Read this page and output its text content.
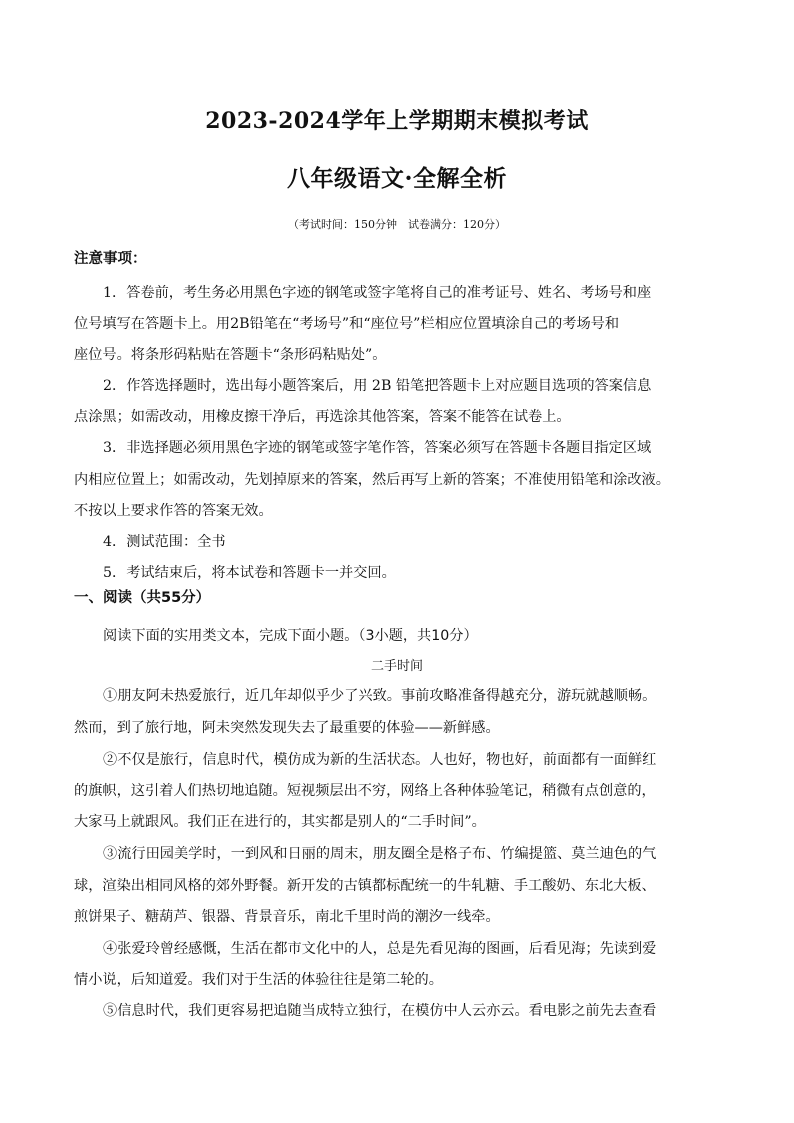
2023-2024学年上学期期末模拟考试
八年级语文·全解全析
（考试时间：150分钟　试卷满分：120分）
注意事项：
1．答卷前，考生务必用黑色字迹的钢笔或签字笔将自己的准考证号、姓名、考场号和座
位号填写在答题卡上。用2B铅笔在“考场号”和“座位号”栏相应位置填涂自己的考场号和
座位号。将条形码粘贴在答题卡“条形码粘贴处”。
2．作答选择题时，选出每小题答案后，用 2B 铅笔把答题卡上对应题目选项的答案信息
点涂黑；如需改动，用橡皮擦干净后，再选涂其他答案，答案不能答在试卷上。
3．非选择题必须用黑色字迹的钢笔或签字笔作答，答案必须写在答题卡各题目指定区域
内相应位置上；如需改动，先划掉原来的答案，然后再写上新的答案；不准使用铅笔和涂改液。
不按以上要求作答的答案无效。
4．测试范围：全书
5．考试结束后，将本试卷和答题卡一并交回。
一、阅读（共55分）
阅读下面的实用类文本，完成下面小题。（3小题，共10分）
二手时间
①朋友阿未热爱旅行，近几年却似乎少了兴致。事前攻略准备得越充分，游玩就越顺畅。
然而，到了旅行地，阿未突然发现失去了最重要的体验——新鲜感。
②不仅是旅行，信息时代，模仿成为新的生活状态。人也好，物也好，前面都有一面鲜红
的旗帜，这引着人们热切地追随。短视频层出不穷，网络上各种体验笔记，稍微有点创意的，
大家马上就跟风。我们正在进行的，其实都是别人的“二手时间”。
③流行田园美学时，一到风和日丽的周末，朋友圈全是格子布、竹编提篮、莫兰迪色的气
球，渲染出相同风格的郊外野餐。新开发的古镇都标配统一的牛轧糖、手工酸奶、东北大板、
煎饼果子、糖葫芦、银器、背景音乐，南北千里时尚的潮汐一线牵。
④张爱玲曾经感慨，生活在都市文化中的人，总是先看见海的图画，后看见海；先读到爱
情小说，后知道爱。我们对于生活的体验往往是第二轮的。
⑤信息时代，我们更容易把追随当成特立独行，在模仿中人云亦云。看电影之前先去查看
